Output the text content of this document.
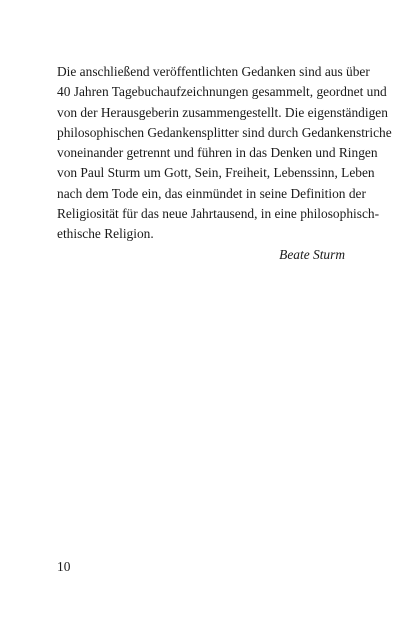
Die anschließend veröffentlichten Gedanken sind aus über
40 Jahren Tagebuchaufzeichnungen gesammelt, geordnet und
von der Herausgeberin zusammengestellt. Die eigenständigen
philosophischen Gedankensplitter sind durch Gedankenstriche
voneinander getrennt und führen in das Denken und Ringen
von Paul Sturm um Gott, Sein, Freiheit, Lebenssinn, Leben
nach dem Tode ein, das einmündet in seine Definition der
Religiosität für das neue Jahrtausend, in eine philosophisch-
ethische Religion.
Beate Sturm
10
